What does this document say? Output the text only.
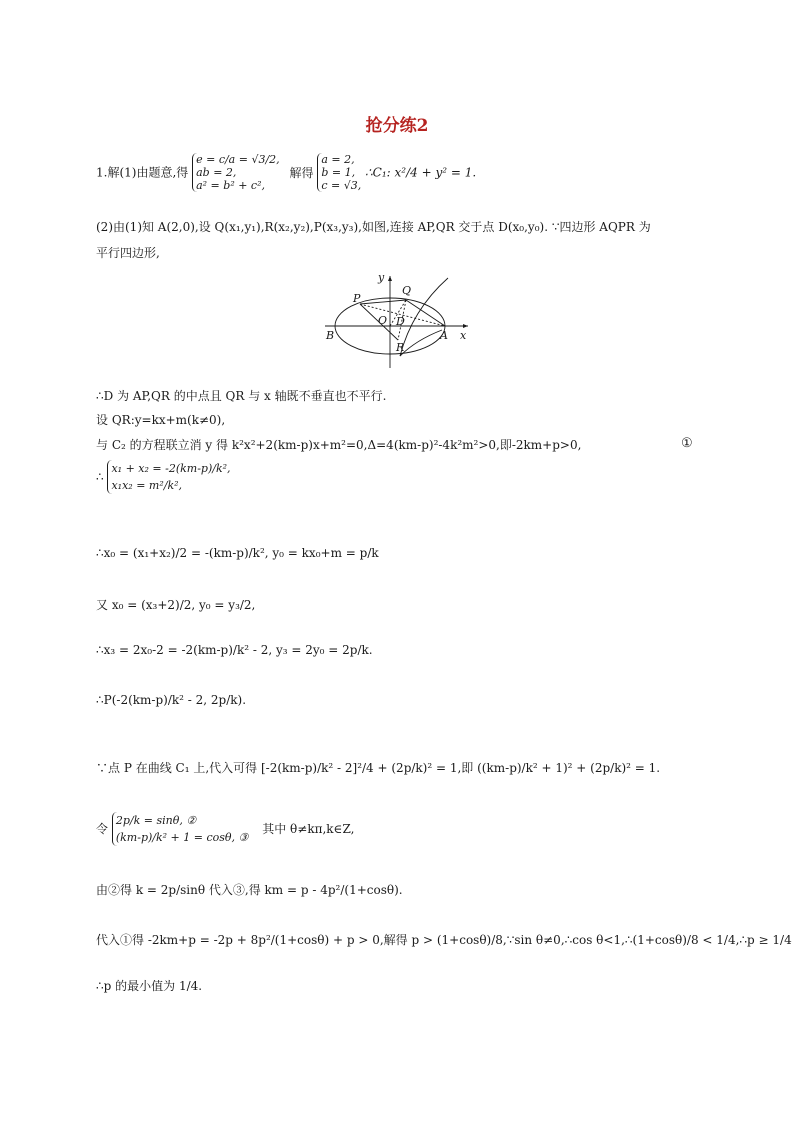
抢分练2
1.解(1)由题意,得
e = c/a = √3/2,
ab = 2,
a² = b² + c²,
解得
a = 2,
b = 1,
c = √3,
∴C₁: x²/4 + y² = 1.
(2)由(1)知 A(2,0),设 Q(x₁,y₁),R(x₂,y₂),P(x₃,y₃),如图,连接 AP,QR 交于点 D(x₀,y₀). ∵四边形 AQPR 为
平行四边形,
y
P
Q
O D
B
R
A x
∴D 为 AP,QR 的中点且 QR 与 x 轴既不垂直也不平行.
设 QR:y=kx+m(k≠0),
与 C₂ 的方程联立消 y 得 k²x²+2(km-p)x+m²=0,Δ=4(km-p)²-4k²m²>0,即-2km+p>0,	①
∴
x₁ + x₂ = -2(km-p)/k²,
x₁x₂ = m²/k²,
∴x₀ = (x₁+x₂)/2 = -(km-p)/k², y₀ = kx₀+m = p/k
又 x₀ = (x₃+2)/2, y₀ = y₃/2,
∴x₃ = 2x₀-2 = -2(km-p)/k² - 2, y₃ = 2y₀ = 2p/k.
∴P(-2(km-p)/k² - 2, 2p/k).
∵点 P 在曲线 C₁ 上,代入可得 [-2(km-p)/k² - 2]²/4 + (2p/k)² = 1,即 ((km-p)/k² + 1)² + (2p/k)² = 1.
令
2p/k = sinθ, ②
(km-p)/k² + 1 = cosθ, ③
其中 θ≠kπ,k∈Z,
由②得 k = 2p/sinθ 代入③,得 km = p - 4p²/(1+cosθ).
代入①得 -2km+p = -2p + 8p²/(1+cosθ) + p > 0,解得 p > (1+cosθ)/8,∵sin θ≠0,∴cos θ<1,∴(1+cosθ)/8 < 1/4,∴p ≥ 1/4
∴p 的最小值为 1/4.
